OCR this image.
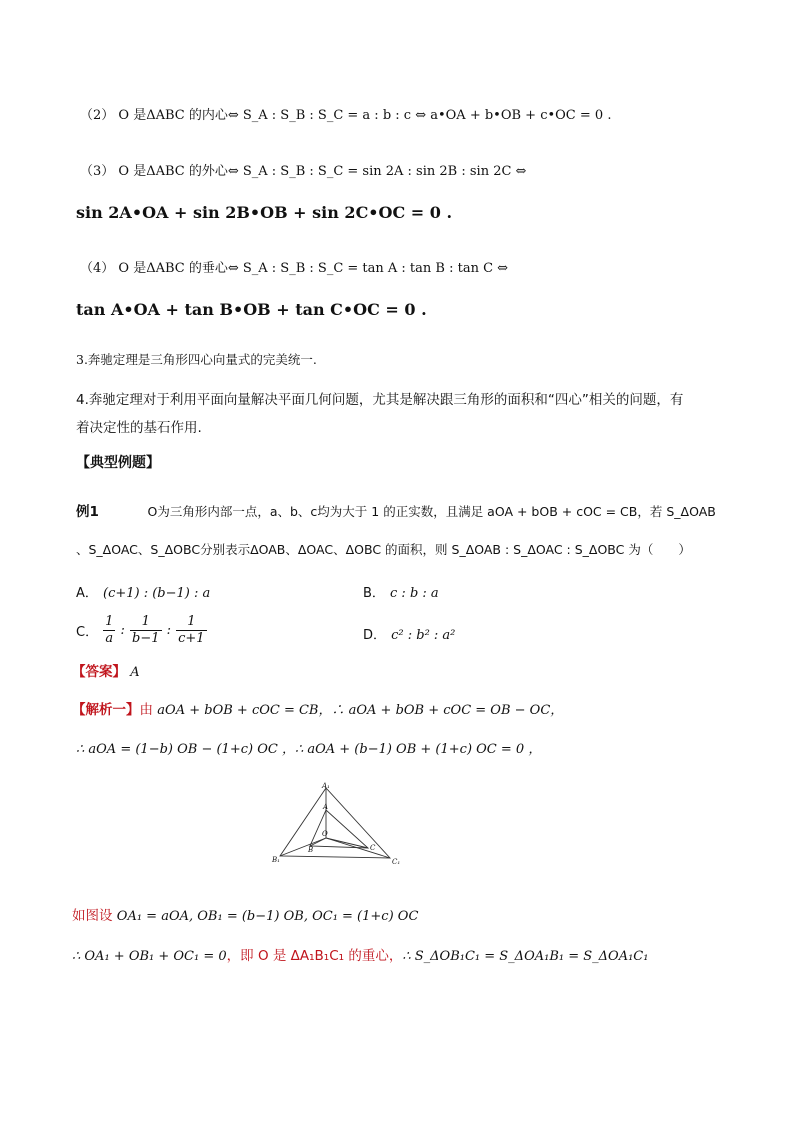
（2） O 是ΔABC 的内心⇔ S_A : S_B : S_C = a : b : c ⇔ a•OA + b•OB + c•OC = 0 .
（3） O 是ΔABC 的外心⇔ S_A : S_B : S_C = sin 2A : sin 2B : sin 2C ⇔
sin 2A•OA + sin 2B•OB + sin 2C•OC = 0 .
（4） O 是ΔABC 的垂心⇔ S_A : S_B : S_C = tan A : tan B : tan C ⇔
tan A•OA + tan B•OB + tan C•OC = 0 .
3.奔驰定理是三角形四心向量式的完美统一.
4.奔驰定理对于利用平面向量解决平面几何问题，尤其是解决跟三角形的面积和“四心”相关的问题，有
着决定性的基石作用.
【典型例题】
例1	O为三角形内部一点，a、b、c均为大于 1 的正实数，且满足 aOA + bOB + cOC = CB，若 S_ΔOAB
、S_ΔOAC、S_ΔOBC分别表示ΔOAB、ΔOAC、ΔOBC 的面积，则 S_ΔOAB : S_ΔOAC : S_ΔOBC 为（　　）
A． (c+1) : (b−1) : a	B． c : b : a
C． $\frac{1}{a}$ : $\frac{1}{b-1}$ : $\frac{1}{c+1}$	D． c² : b² : a²
【答案】 A
【解析一】由 aOA + bOB + cOC = CB，∴ aOA + bOB + cOC = OB − OC，
∴ aOA = (1−b) OB − (1+c) OC ，∴ aOA + (b−1) OB + (1+c) OC = 0 ，
A₁
A
O
B	C
B₁	C₁
如图设 OA₁ = aOA, OB₁ = (b−1) OB, OC₁ = (1+c) OC
∴ OA₁ + OB₁ + OC₁ = 0，即 O 是 ΔA₁B₁C₁ 的重心，∴ S_ΔOB₁C₁ = S_ΔOA₁B₁ = S_ΔOA₁C₁
